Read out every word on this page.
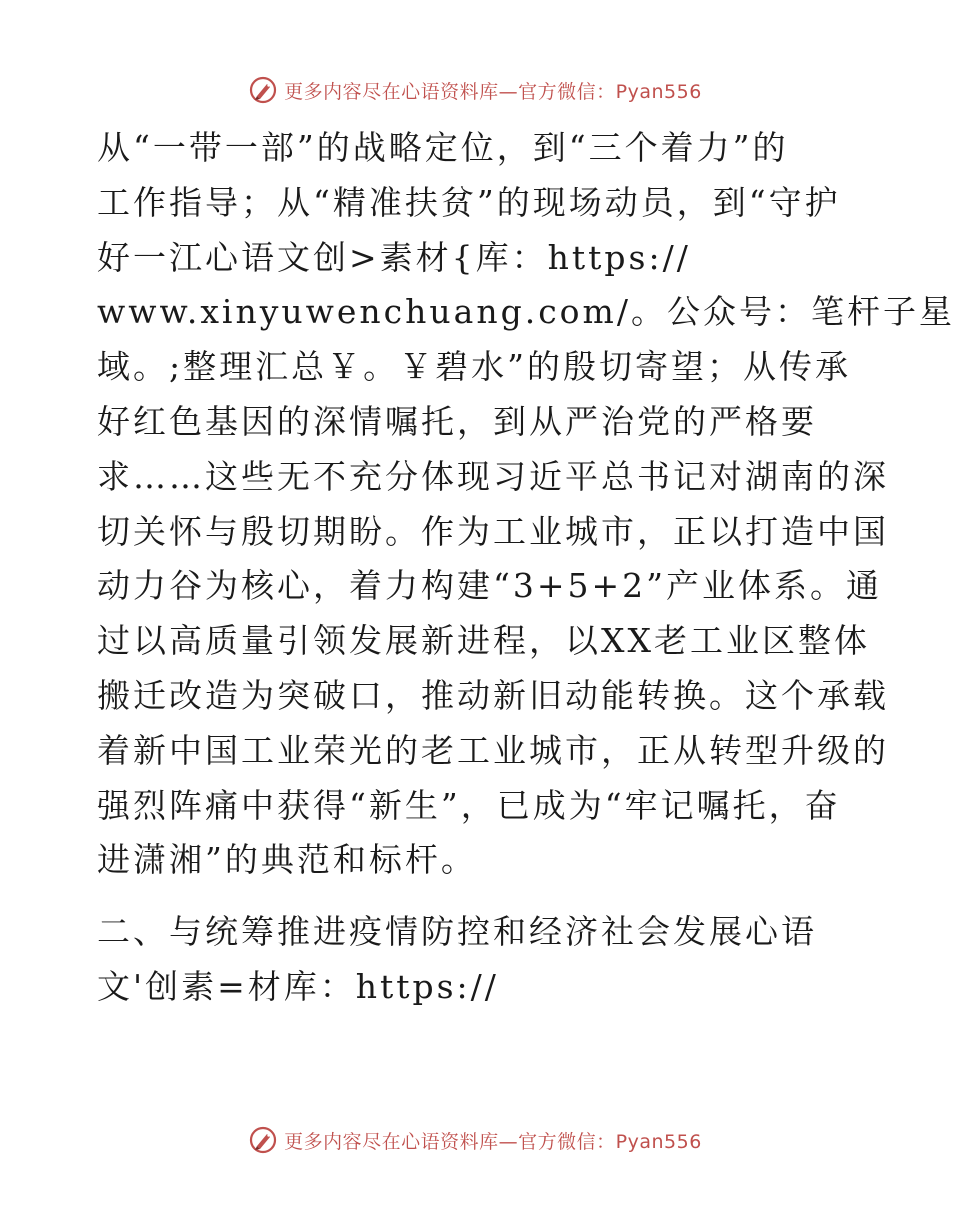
更多内容尽在心语资料库—官方微信：Pyan556
从“一带一部”的战略定位，到“三个着力”的
工作指导；从“精准扶贫”的现场动员，到“守护
好一江心语文创>素材{库：https://
www.xinyuwenchuang.com/。公众号：笔杆子星
域。;整理汇总￥。￥碧水”的殷切寄望；从传承
好红色基因的深情嘱托，到从严治党的严格要
求……这些无不充分体现习近平总书记对湖南的深
切关怀与殷切期盼。作为工业城市，正以打造中国
动力谷为核心，着力构建“3+5+2”产业体系。通
过以高质量引领发展新进程，以XX老工业区整体
搬迁改造为突破口，推动新旧动能转换。这个承载
着新中国工业荣光的老工业城市，正从转型升级的
强烈阵痛中获得“新生”，已成为“牢记嘱托，奋
进潇湘”的典范和标杆。
二、与统筹推进疫情防控和经济社会发展心语
文'创素=材库：https://
更多内容尽在心语资料库—官方微信：Pyan556
